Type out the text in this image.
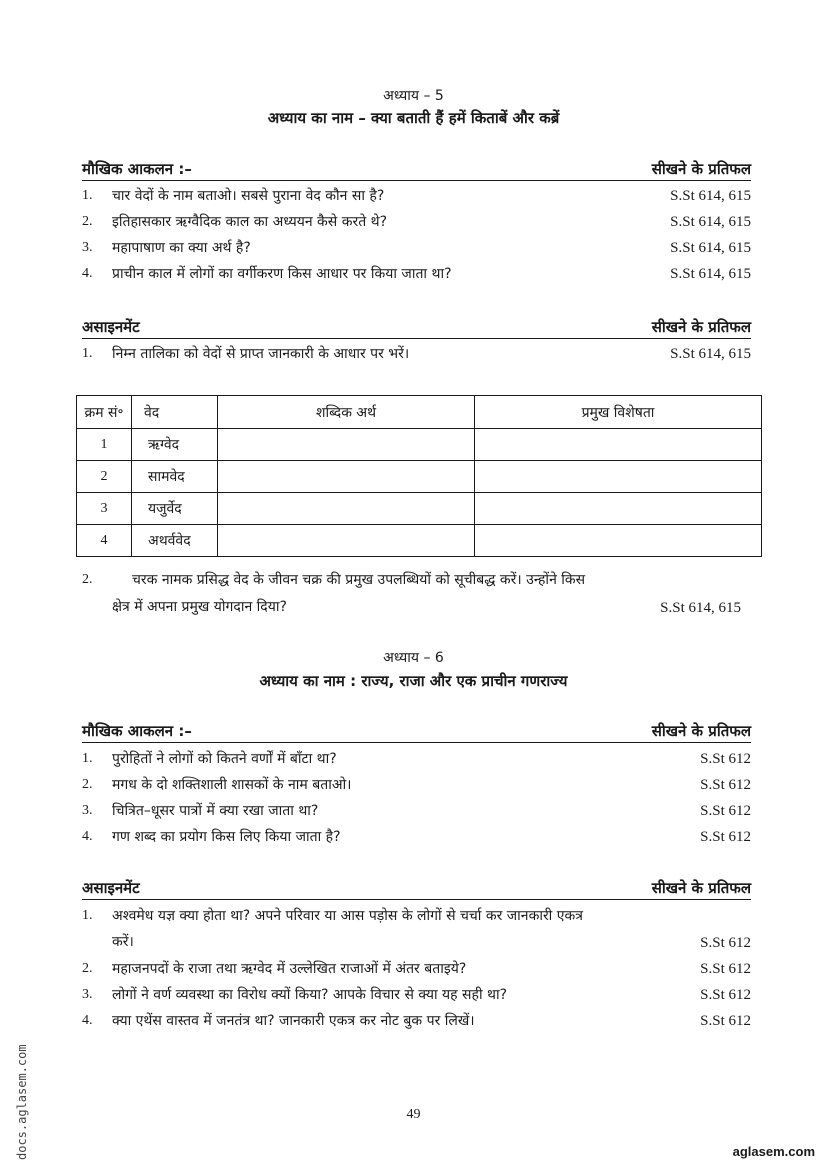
अध्याय – 5
अध्याय का नाम – क्या बताती हैं हमें किताबें और कब्रें
मौखिक आकलन :–	सीखने के प्रतिफल
1. चार वेदों के नाम बताओ। सबसे पुराना वेद कौन सा है?	S.St 614, 615
2. इतिहासकार ऋग्वैदिक काल का अध्ययन कैसे करते थे?	S.St 614, 615
3. महापाषाण का क्या अर्थ है?	S.St 614, 615
4. प्राचीन काल में लोगों का वर्गीकरण किस आधार पर किया जाता था?	S.St 614, 615
असाइनमेंट	सीखने के प्रतिफल
1. निम्न तालिका को वेदों से प्राप्त जानकारी के आधार पर भरें।	S.St 614, 615
क्रम सं॰	वेद	शब्दिक अर्थ	प्रमुख विशेषता
1	ऋग्वेद		
2	सामवेद		
3	यजुर्वेद		
4	अथर्ववेद		
2.	चरक नामक प्रसिद्ध वेद के जीवन चक्र की प्रमुख उपलब्धियों को सूचीबद्ध करें। उन्होंने किस
क्षेत्र में अपना प्रमुख योगदान दिया?	S.St 614, 615
अध्याय – 6
अध्याय का नाम : राज्य, राजा और एक प्राचीन गणराज्य
मौखिक आकलन :–	सीखने के प्रतिफल
1. पुरोहितों ने लोगों को कितने वर्णों में बाँटा था?	S.St 612
2. मगध के दो शक्तिशाली शासकों के नाम बताओ।	S.St 612
3. चित्रित–धूसर पात्रों में क्या रखा जाता था?	S.St 612
4. गण शब्द का प्रयोग किस लिए किया जाता है?	S.St 612
असाइनमेंट	सीखने के प्रतिफल
1. अश्वमेध यज्ञ क्या होता था? अपने परिवार या आस पड़ोस के लोगों से चर्चा कर जानकारी एकत्र
करें।	S.St 612
2. महाजनपदों के राजा तथा ऋग्वेद में उल्लेखित राजाओं में अंतर बताइये?	S.St 612
3. लोगों ने वर्ण व्यवस्था का विरोध क्यों किया? आपके विचार से क्या यह सही था?	S.St 612
4. क्या एथेंस वास्तव में जनतंत्र था? जानकारी एकत्र कर नोट बुक पर लिखें।	S.St 612
49
aglasem.com
docs.aglasem.com
